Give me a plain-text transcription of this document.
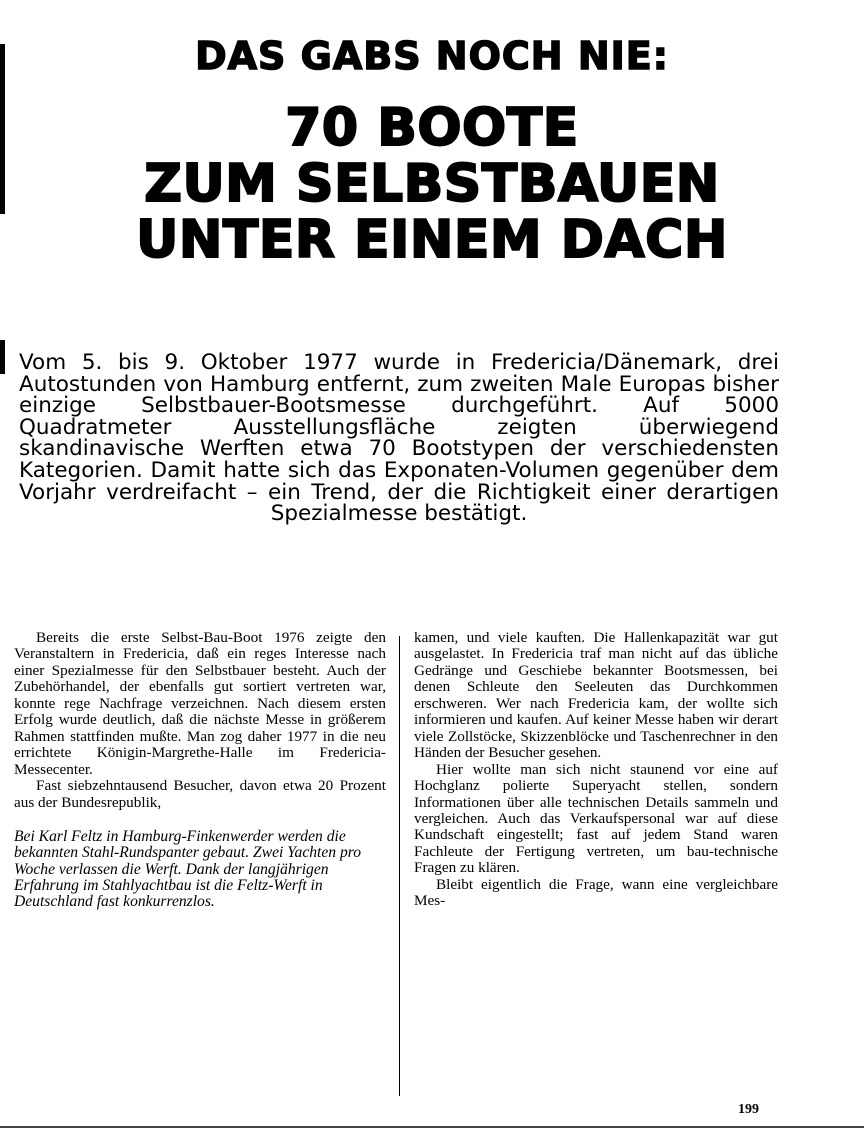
DAS GABS NOCH NIE:
70 BOOTE
ZUM SELBSTBAUEN
UNTER EINEM DACH

Vom 5. bis 9. Oktober 1977 wurde in Fredericia/Dänemark, drei Autostunden von Hamburg entfernt, zum zweiten Male Europas bisher einzige Selbstbauer-Bootsmesse durchgeführt. Auf 5000 Quadratmeter Ausstellungsfläche zeigten überwiegend skandinavische Werften etwa 70 Bootstypen der verschiedensten Kategorien. Damit hatte sich das Exponaten-Volumen gegenüber dem Vorjahr verdreifacht – ein Trend, der die Richtigkeit einer derartigen Spezialmesse bestätigt.

Bereits die erste Selbst-Bau-Boot 1976 zeigte den Veranstaltern in Fredericia, daß ein reges Interesse nach einer Spezialmesse für den Selbstbauer besteht. Auch der Zubehörhandel, der ebenfalls gut sortiert vertreten war, konnte rege Nachfrage verzeichnen. Nach diesem ersten Erfolg wurde deutlich, daß die nächste Messe in größerem Rahmen stattfinden mußte. Man zog daher 1977 in die neu errichtete Königin-Margrethe-Halle im Fredericia-Messecenter.

Fast siebzehntausend Besucher, davon etwa 20 Prozent aus der Bundesrepublik,

Bei Karl Feltz in Hamburg-Finkenwerder werden die bekannten Stahl-Rundspanter gebaut. Zwei Yachten pro Woche verlassen die Werft. Dank der langjährigen Erfahrung im Stahlyachtbau ist die Feltz-Werft in Deutschland fast konkurrenzlos.

kamen, und viele kauften. Die Hallenkapazität war gut ausgelastet. In Fredericia traf man nicht auf das übliche Gedränge und Geschiebe bekannter Bootsmessen, bei denen Schleute den Seeleuten das Durchkommen erschweren. Wer nach Fredericia kam, der wollte sich informieren und kaufen. Auf keiner Messe haben wir derart viele Zollstöcke, Skizzenblöcke und Taschenrechner in den Händen der Besucher gesehen.

Hier wollte man sich nicht staunend vor eine auf Hochglanz polierte Superyacht stellen, sondern Informationen über alle technischen Details sammeln und vergleichen. Auch das Verkaufspersonal war auf diese Kundschaft eingestellt; fast auf jedem Stand waren Fachleute der Fertigung vertreten, um bau-technische Fragen zu klären.

Bleibt eigentlich die Frage, wann eine vergleichbare Mes-

199
